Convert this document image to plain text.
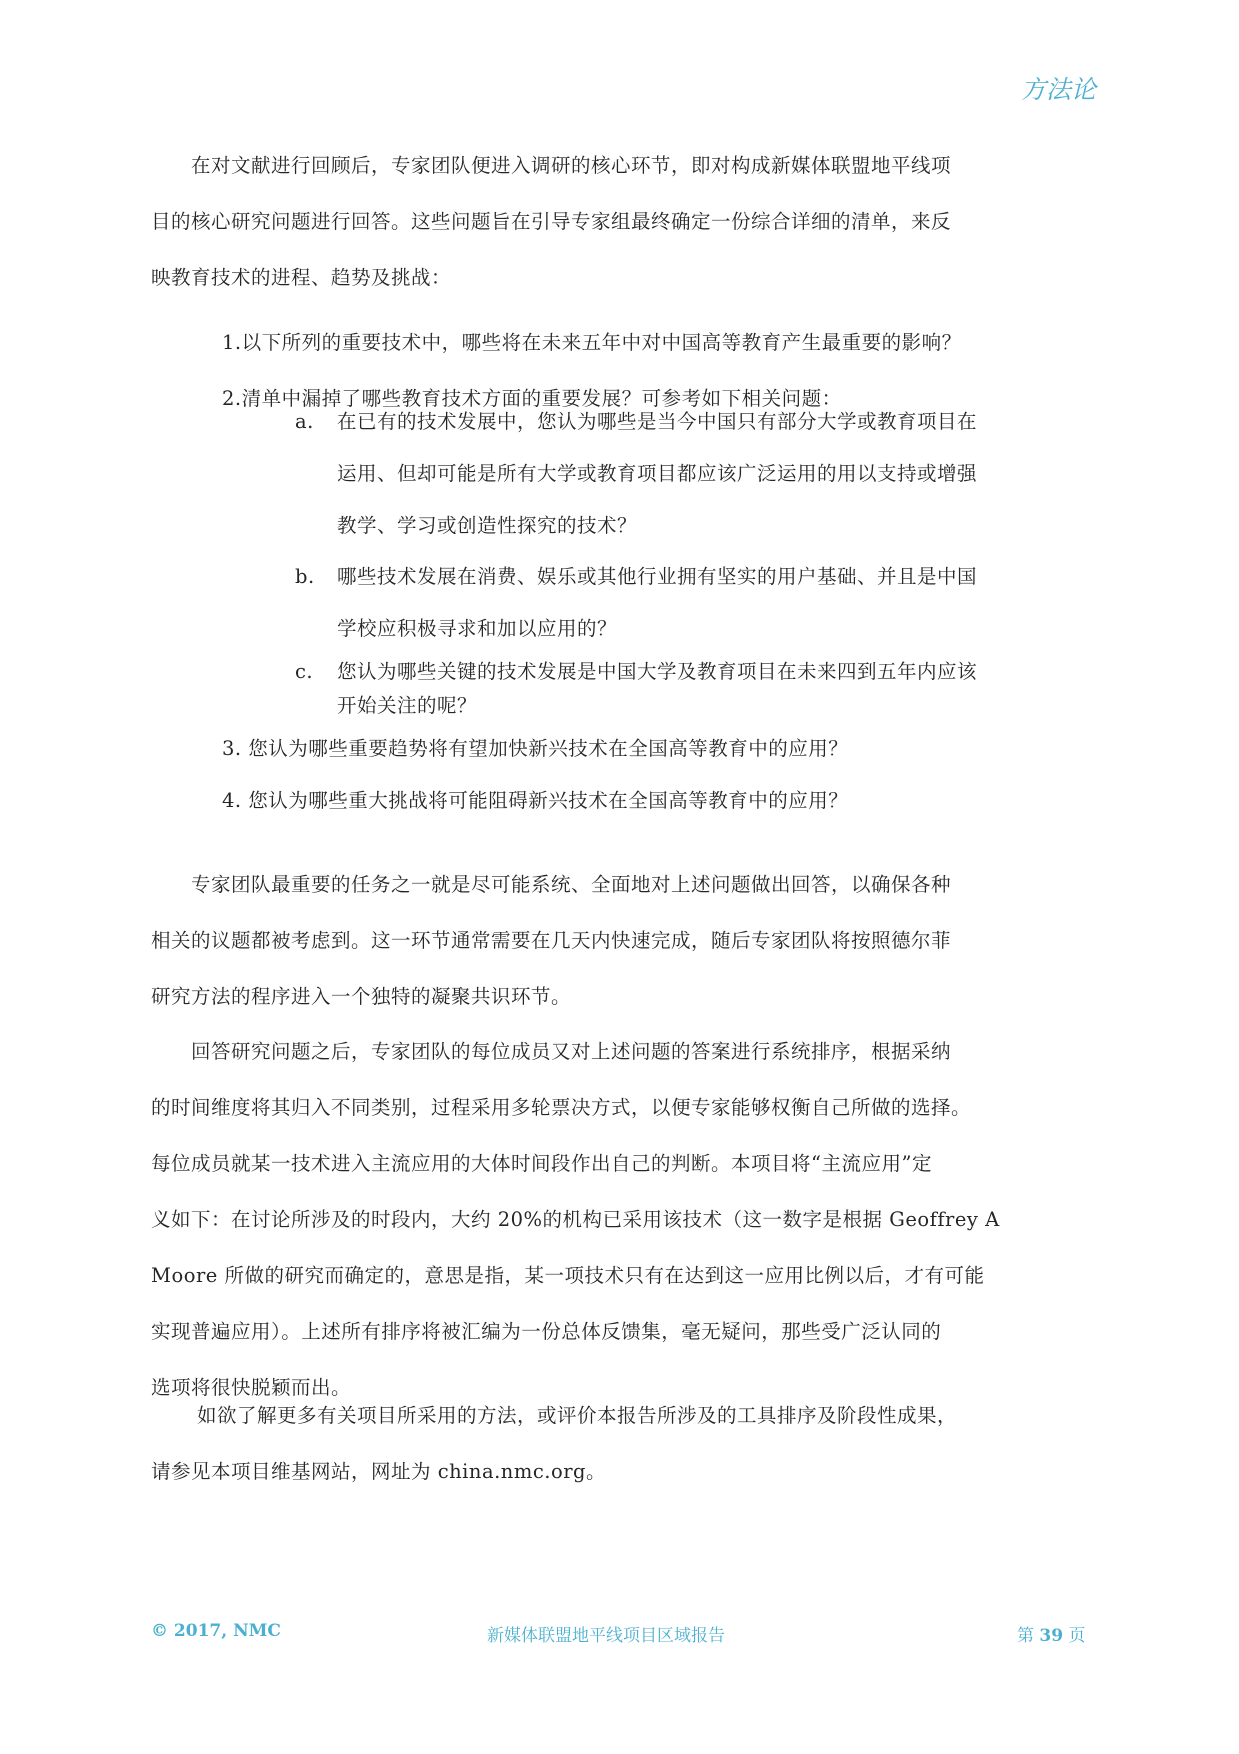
方法论
在对文献进行回顾后，专家团队便进入调研的核心环节，即对构成新媒体联盟地平线项
目的核心研究问题进行回答。这些问题旨在引导专家组最终确定一份综合详细的清单，来反
映教育技术的进程、趋势及挑战：
1.以下所列的重要技术中，哪些将在未来五年中对中国高等教育产生最重要的影响？
2.清单中漏掉了哪些教育技术方面的重要发展？可参考如下相关问题：
a. 在已有的技术发展中，您认为哪些是当今中国只有部分大学或教育项目在
运用、但却可能是所有大学或教育项目都应该广泛运用的用以支持或增强
教学、学习或创造性探究的技术？
b. 哪些技术发展在消费、娱乐或其他行业拥有坚实的用户基础、并且是中国
学校应积极寻求和加以应用的？
c. 您认为哪些关键的技术发展是中国大学及教育项目在未来四到五年内应该
开始关注的呢？
3. 您认为哪些重要趋势将有望加快新兴技术在全国高等教育中的应用？
4. 您认为哪些重大挑战将可能阻碍新兴技术在全国高等教育中的应用？
专家团队最重要的任务之一就是尽可能系统、全面地对上述问题做出回答，以确保各种
相关的议题都被考虑到。这一环节通常需要在几天内快速完成，随后专家团队将按照德尔菲
研究方法的程序进入一个独特的凝聚共识环节。
回答研究问题之后，专家团队的每位成员又对上述问题的答案进行系统排序，根据采纳
的时间维度将其归入不同类别，过程采用多轮票决方式，以便专家能够权衡自己所做的选择。
每位成员就某一技术进入主流应用的大体时间段作出自己的判断。本项目将“主流应用”定
义如下：在讨论所涉及的时段内，大约 20%的机构已采用该技术（这一数字是根据 Geoffrey A
Moore 所做的研究而确定的，意思是指，某一项技术只有在达到这一应用比例以后，才有可能
实现普遍应用）。上述所有排序将被汇编为一份总体反馈集，毫无疑问，那些受广泛认同的
选项将很快脱颖而出。
如欲了解更多有关项目所采用的方法，或评价本报告所涉及的工具排序及阶段性成果，
请参见本项目维基网站，网址为 china.nmc.org。
© 2017, NMC	新媒体联盟地平线项目区域报告	第 39 页
